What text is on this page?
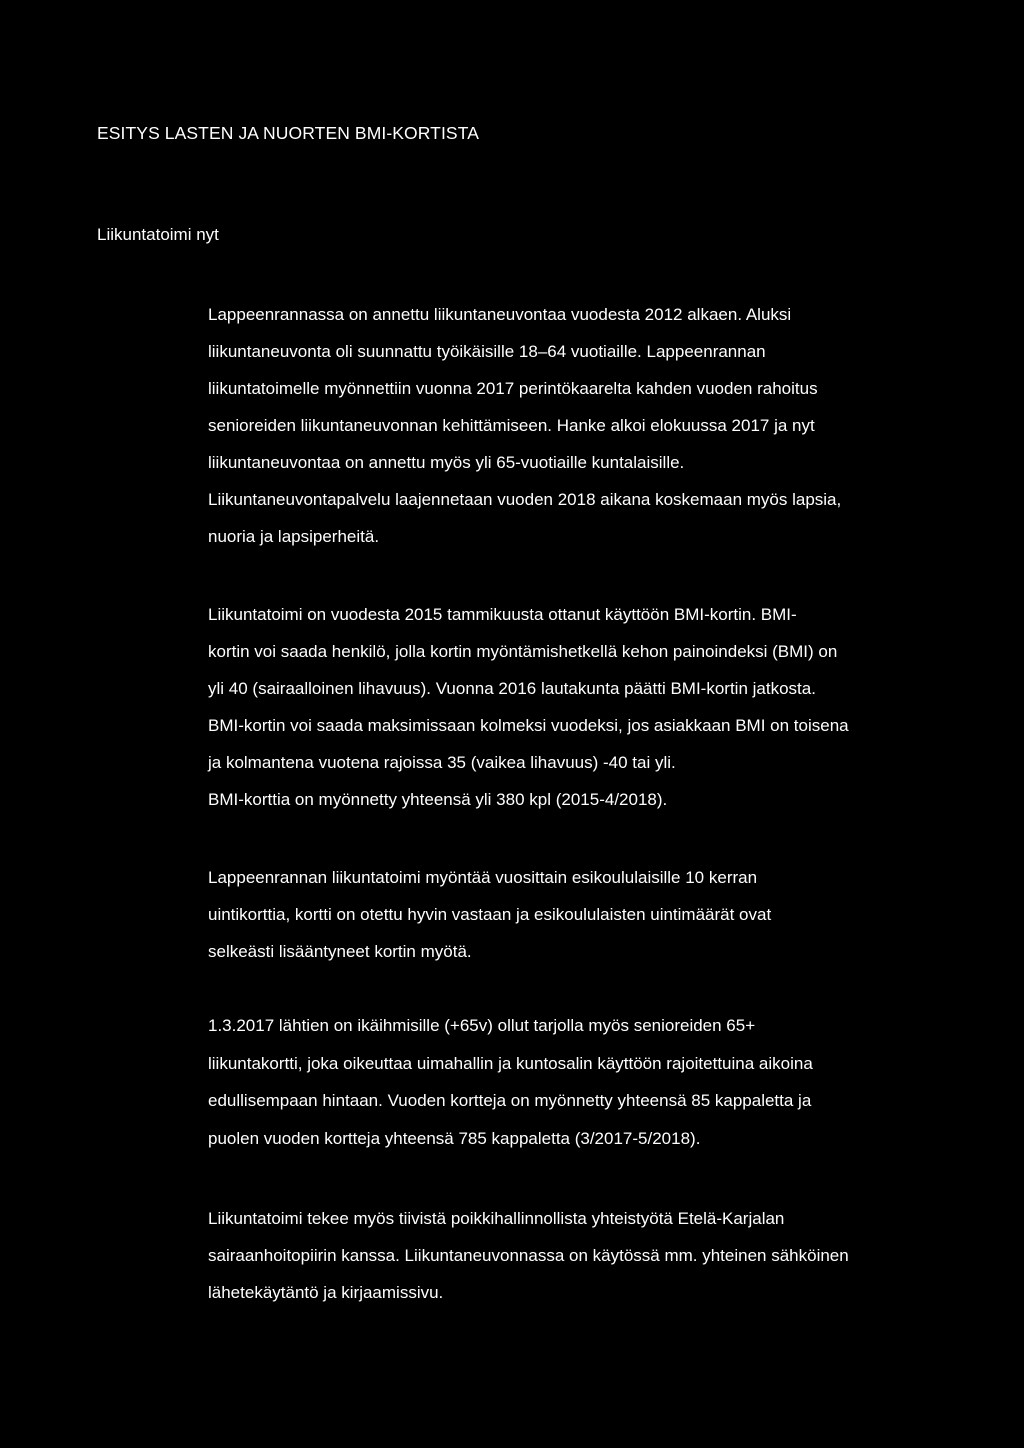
ESITYS LASTEN JA NUORTEN BMI-KORTISTA
Liikuntatoimi nyt
Lappeenrannassa on annettu liikuntaneuvontaa vuodesta 2012 alkaen. Aluksi
liikuntaneuvonta oli suunnattu työikäisille 18–64 vuotiaille. Lappeenrannan
liikuntatoimelle myönnettiin vuonna 2017 perintökaarelta kahden vuoden rahoitus
senioreiden liikuntaneuvonnan kehittämiseen. Hanke alkoi elokuussa 2017 ja nyt
liikuntaneuvontaa on annettu myös yli 65-vuotiaille kuntalaisille.
Liikuntaneuvontapalvelu laajennetaan vuoden 2018 aikana koskemaan myös lapsia,
nuoria ja lapsiperheitä.
Liikuntatoimi on vuodesta 2015 tammikuusta ottanut käyttöön BMI-kortin. BMI-
kortin voi saada henkilö, jolla kortin myöntämishetkellä kehon painoindeksi (BMI) on
yli 40 (sairaalloinen lihavuus). Vuonna 2016 lautakunta päätti BMI-kortin jatkosta.
BMI-kortin voi saada maksimissaan kolmeksi vuodeksi, jos asiakkaan BMI on toisena
ja kolmantena vuotena rajoissa 35 (vaikea lihavuus) -40 tai yli.
BMI-korttia on myönnetty yhteensä yli 380 kpl (2015-4/2018).
Lappeenrannan liikuntatoimi myöntää vuosittain esikoululaisille 10 kerran
uintikorttia, kortti on otettu hyvin vastaan ja esikoululaisten uintimäärät ovat
selkeästi lisääntyneet kortin myötä.
1.3.2017 lähtien on ikäihmisille (+65v) ollut tarjolla myös senioreiden 65+
liikuntakortti, joka oikeuttaa uimahallin ja kuntosalin käyttöön rajoitettuina aikoina
edullisempaan hintaan. Vuoden kortteja on myönnetty yhteensä 85 kappaletta ja
puolen vuoden kortteja yhteensä 785 kappaletta (3/2017-5/2018).
Liikuntatoimi tekee myös tiivistä poikkihallinnollista yhteistyötä Etelä-Karjalan
sairaanhoitopiirin kanssa. Liikuntaneuvonnassa on käytössä mm. yhteinen sähköinen
lähetekäytäntö ja kirjaamissivu.
